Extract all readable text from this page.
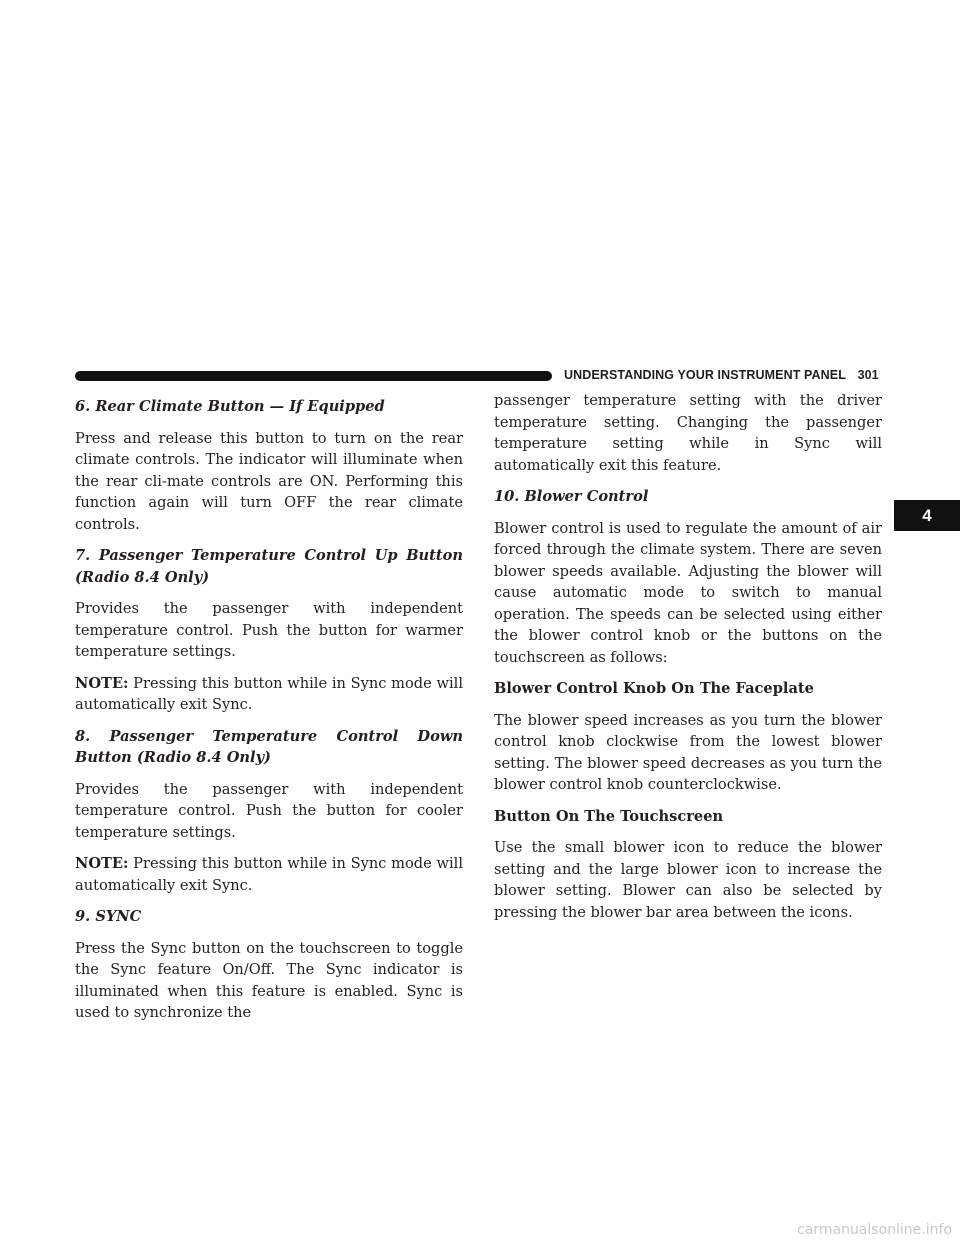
UNDERSTANDING YOUR INSTRUMENT PANEL 301
4

6. Rear Climate Button — If Equipped

Press and release this button to turn on the rear climate controls. The indicator will illuminate when the rear cli-mate controls are ON. Performing this function again will turn OFF the rear climate controls.

7. Passenger Temperature Control Up Button (Radio 8.4 Only)

Provides the passenger with independent temperature control. Push the button for warmer temperature settings.

NOTE: Pressing this button while in Sync mode will automatically exit Sync.

8. Passenger Temperature Control Down Button (Radio 8.4 Only)

Provides the passenger with independent temperature control. Push the button for cooler temperature settings.

NOTE: Pressing this button while in Sync mode will automatically exit Sync.

9. SYNC

Press the Sync button on the touchscreen to toggle the Sync feature On/Off. The Sync indicator is illuminated when this feature is enabled. Sync is used to synchronize the

passenger temperature setting with the driver temperature setting. Changing the passenger temperature setting while in Sync will automatically exit this feature.

10. Blower Control

Blower control is used to regulate the amount of air forced through the climate system. There are seven blower speeds available. Adjusting the blower will cause automatic mode to switch to manual operation. The speeds can be selected using either the blower control knob or the buttons on the touchscreen as follows:

Blower Control Knob On The Faceplate

The blower speed increases as you turn the blower control knob clockwise from the lowest blower setting. The blower speed decreases as you turn the blower control knob counterclockwise.

Button On The Touchscreen

Use the small blower icon to reduce the blower setting and the large blower icon to increase the blower setting. Blower can also be selected by pressing the blower bar area between the icons.

carmanualsonline.info
